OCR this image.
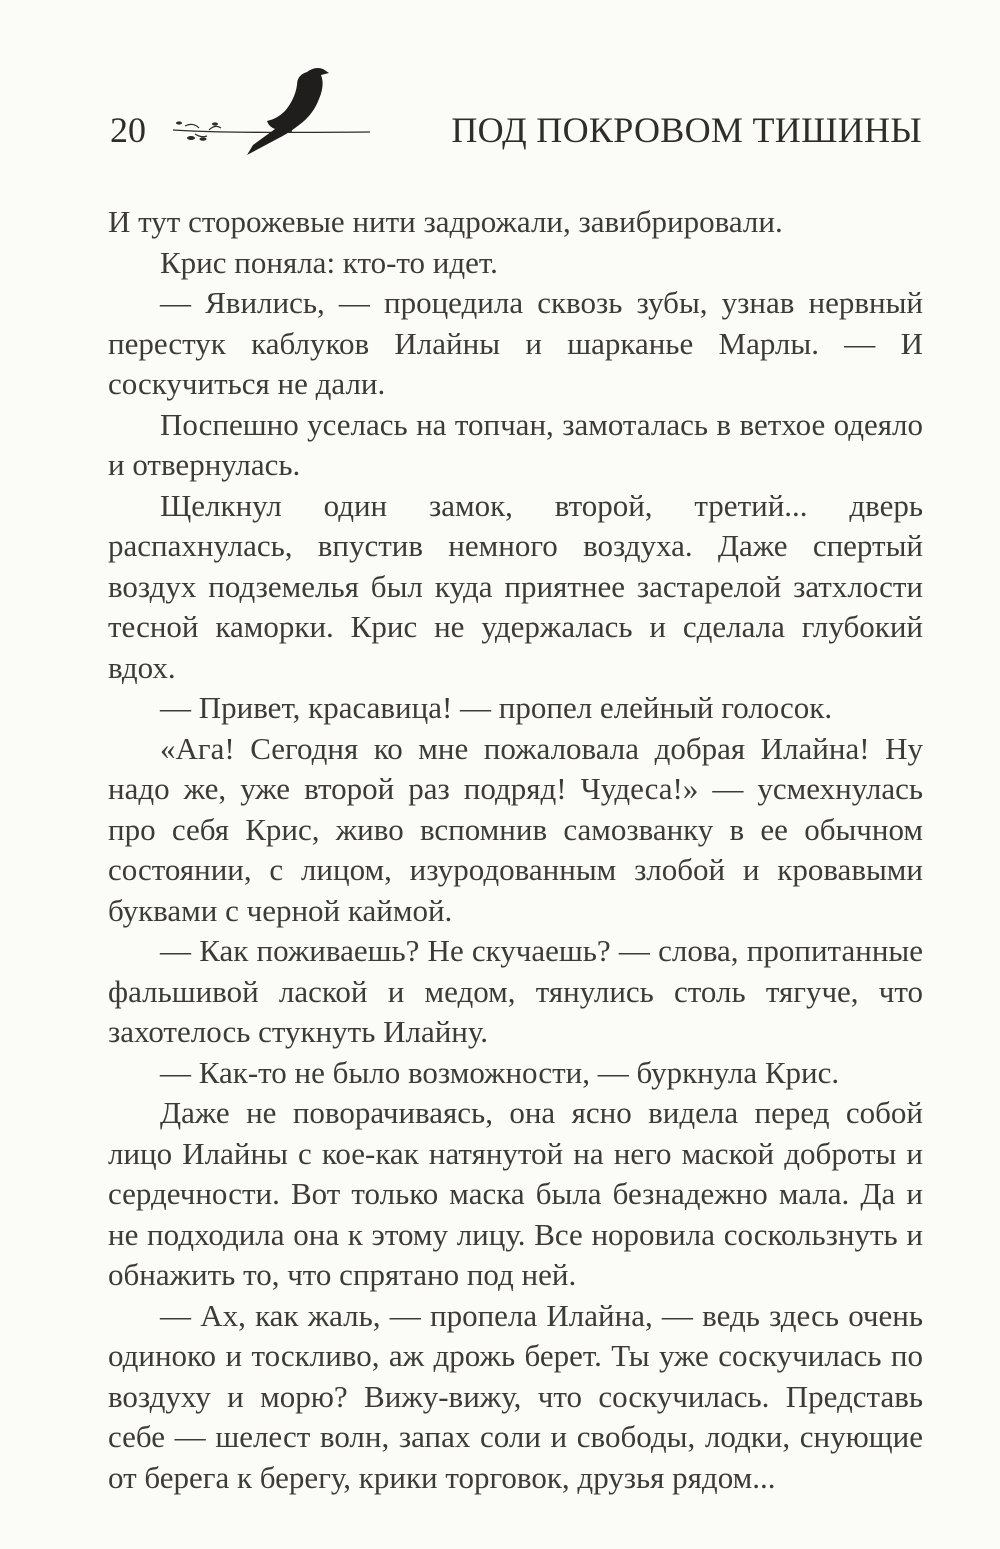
20	ПОД ПОКРОВОМ ТИШИНЫ

И тут сторожевые нити задрожали, завибрировали.

Крис поняла: кто-то идет.

— Явились, — процедила сквозь зубы, узнав нервный перестук каблуков Илайны и шарканье Марлы. — И соскучиться не дали.

Поспешно уселась на топчан, замоталась в ветхое одеяло и отвернулась.

Щелкнул один замок, второй, третий... дверь распахнулась, впустив немного воздуха. Даже спертый воздух подземелья был куда приятнее застарелой затхлости тесной каморки. Крис не удержалась и сделала глубокий вдох.

— Привет, красавица! — пропел елейный голосок.

«Ага! Сегодня ко мне пожаловала добрая Илайна! Ну надо же, уже второй раз подряд! Чудеса!» — усмехнулась про себя Крис, живо вспомнив самозванку в ее обычном состоянии, с лицом, изуродованным злобой и кровавыми буквами с черной каймой.

— Как поживаешь? Не скучаешь? — слова, пропитанные фальшивой лаской и медом, тянулись столь тягуче, что захотелось стукнуть Илайну.

— Как-то не было возможности, — буркнула Крис.

Даже не поворачиваясь, она ясно видела перед собой лицо Илайны с кое-как натянутой на него маской доброты и сердечности. Вот только маска была безнадежно мала. Да и не подходила она к этому лицу. Все норовила соскользнуть и обнажить то, что спрятано под ней.

— Ах, как жаль, — пропела Илайна, — ведь здесь очень одиноко и тоскливо, аж дрожь берет. Ты уже соскучилась по воздуху и морю? Вижу-вижу, что соскучилась. Представь себе — шелест волн, запах соли и свободы, лодки, снующие от берега к берегу, крики торговок, друзья рядом...
